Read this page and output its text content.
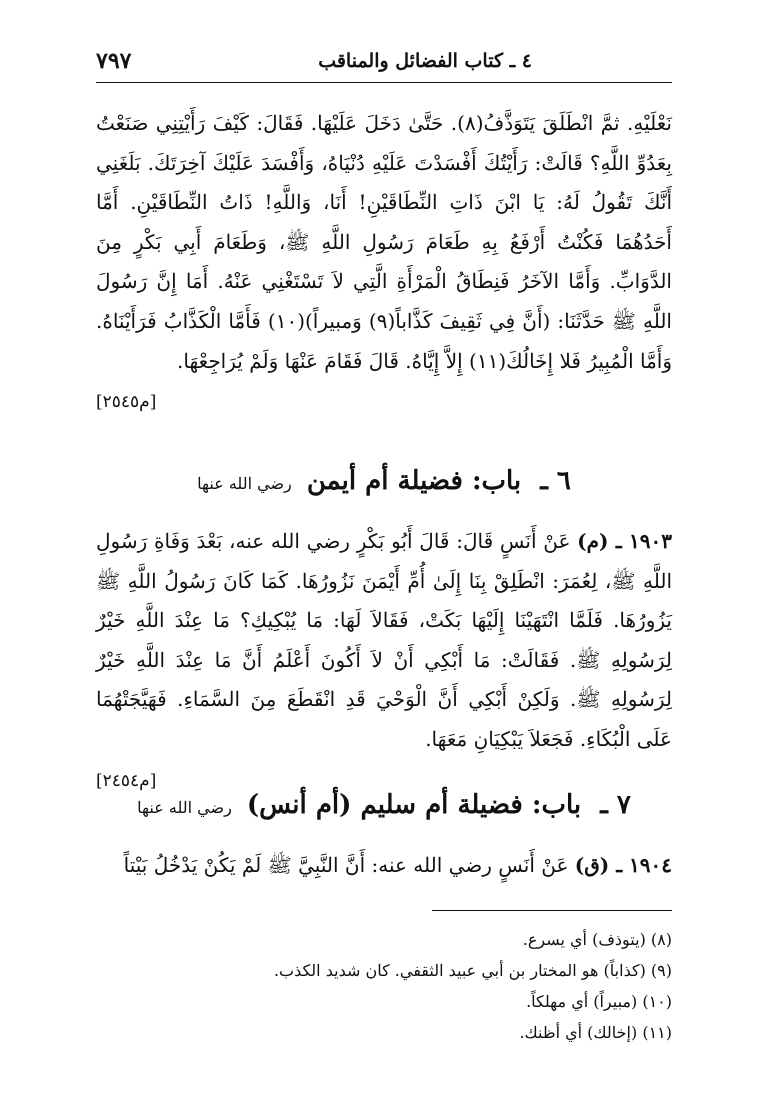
٤ ـ كتاب الفضائل والمناقب
٧٩٧

نَعْلَيْهِ. ثمَّ انْطَلَقَ يَتَوَذَّفُ(٨). حَتَّىٰ دَخَلَ عَلَيْهَا. فَقَالَ: كَيْفَ رَأَيْتِنِي صَنَعْتُ بِعَدُوِّ اللَّهِ؟ قَالَتْ: رَأَيْتُكَ أَفْسَدْتَ عَلَيْهِ دُنْيَاهُ، وَأَفْسَدَ عَلَيْكَ آخِرَتَكَ. بَلَغَنِي أَنَّكَ تَقُولُ لَهُ: يَا ابْنَ ذَاتِ النِّطَاقَيْنِ! أَنَا، وَاللَّهِ! ذَاتُ النِّطَاقَيْنِ. أَمَّا أَحَدُهُمَا فَكُنْتُ أَرْفَعُ بِهِ طَعَامَ رَسُولِ اللَّهِ ﷺ، وَطَعَامَ أَبِي بَكْرٍ مِنَ الدَّوَابِّ. وَأَمَّا الآخَرُ فَنِطَاقُ الْمَرْأَةِ الَّتِي لاَ تَسْتَغْنِي عَنْهُ. أَمَا إِنَّ رَسُولَ اللَّهِ ﷺ حَدَّثَنَا: (أَنَّ فِي ثَقِيفَ كَذَّاباً(٩) وَمبيراً)(١٠) فَأَمَّا الْكَذَّابُ فَرَأَيْنَاهُ. وَأَمَّا الْمُبِيرُ فَلا إِخَالُكَ(١١) إِلاَّ إِيَّاهُ. قَالَ فَقَامَ عَنْهَا وَلَمْ يُرَاجِعْهَا.
[م٢٥٤٥]

٦ ـ باب: فضيلة أم أيمن رضي الله عنها

١٩٠٣ ـ (م) عَنْ أَنَسٍ قَالَ: قَالَ أَبُو بَكْرٍ رضي الله عنه، بَعْدَ وَفَاةِ رَسُولِ اللَّهِ ﷺ، لِعُمَرَ: انْطَلِقْ بِنَا إِلَىٰ أُمِّ أَيْمَنَ نَزُورُهَا. كَمَا كَانَ رَسُولُ اللَّهِ ﷺ يَزُورُهَا. فَلَمَّا انْتَهَيْنَا إِلَيْهَا بَكَتْ، فَقَالاَ لَهَا: مَا يُبْكِيكِ؟ مَا عِنْدَ اللَّهِ خَيْرٌ لِرَسُولِهِ ﷺ. فَقَالَتْ: مَا أَبْكِي أَنْ لاَ أَكُونَ أَعْلَمُ أَنَّ مَا عِنْدَ اللَّهِ خَيْرٌ لِرَسُولِهِ ﷺ. وَلَكِنْ أَبْكِي أَنَّ الْوَحْيَ قَدِ انْقَطَعَ مِنَ السَّمَاءِ. فَهَيَّجَتْهُمَا عَلَى الْبُكَاءِ. فَجَعَلاَ يَبْكِيَانِ مَعَهَا.
[م٢٤٥٤]

٧ ـ باب: فضيلة أم سليم (أم أنس) رضي الله عنها

١٩٠٤ ـ (ق) عَنْ أَنَسٍ رضي الله عنه: أَنَّ النَّبِيَّ ﷺ لَمْ يَكُنْ يَدْخُلُ بَيْتاً

(٨) (يتوذف) أي يسرع.
(٩) (كذاباً) هو المختار بن أبي عبيد الثقفي. كان شديد الكذب.
(١٠) (مبيراً) أي مهلكاً.
(١١) (إخالك) أي أظنك.
